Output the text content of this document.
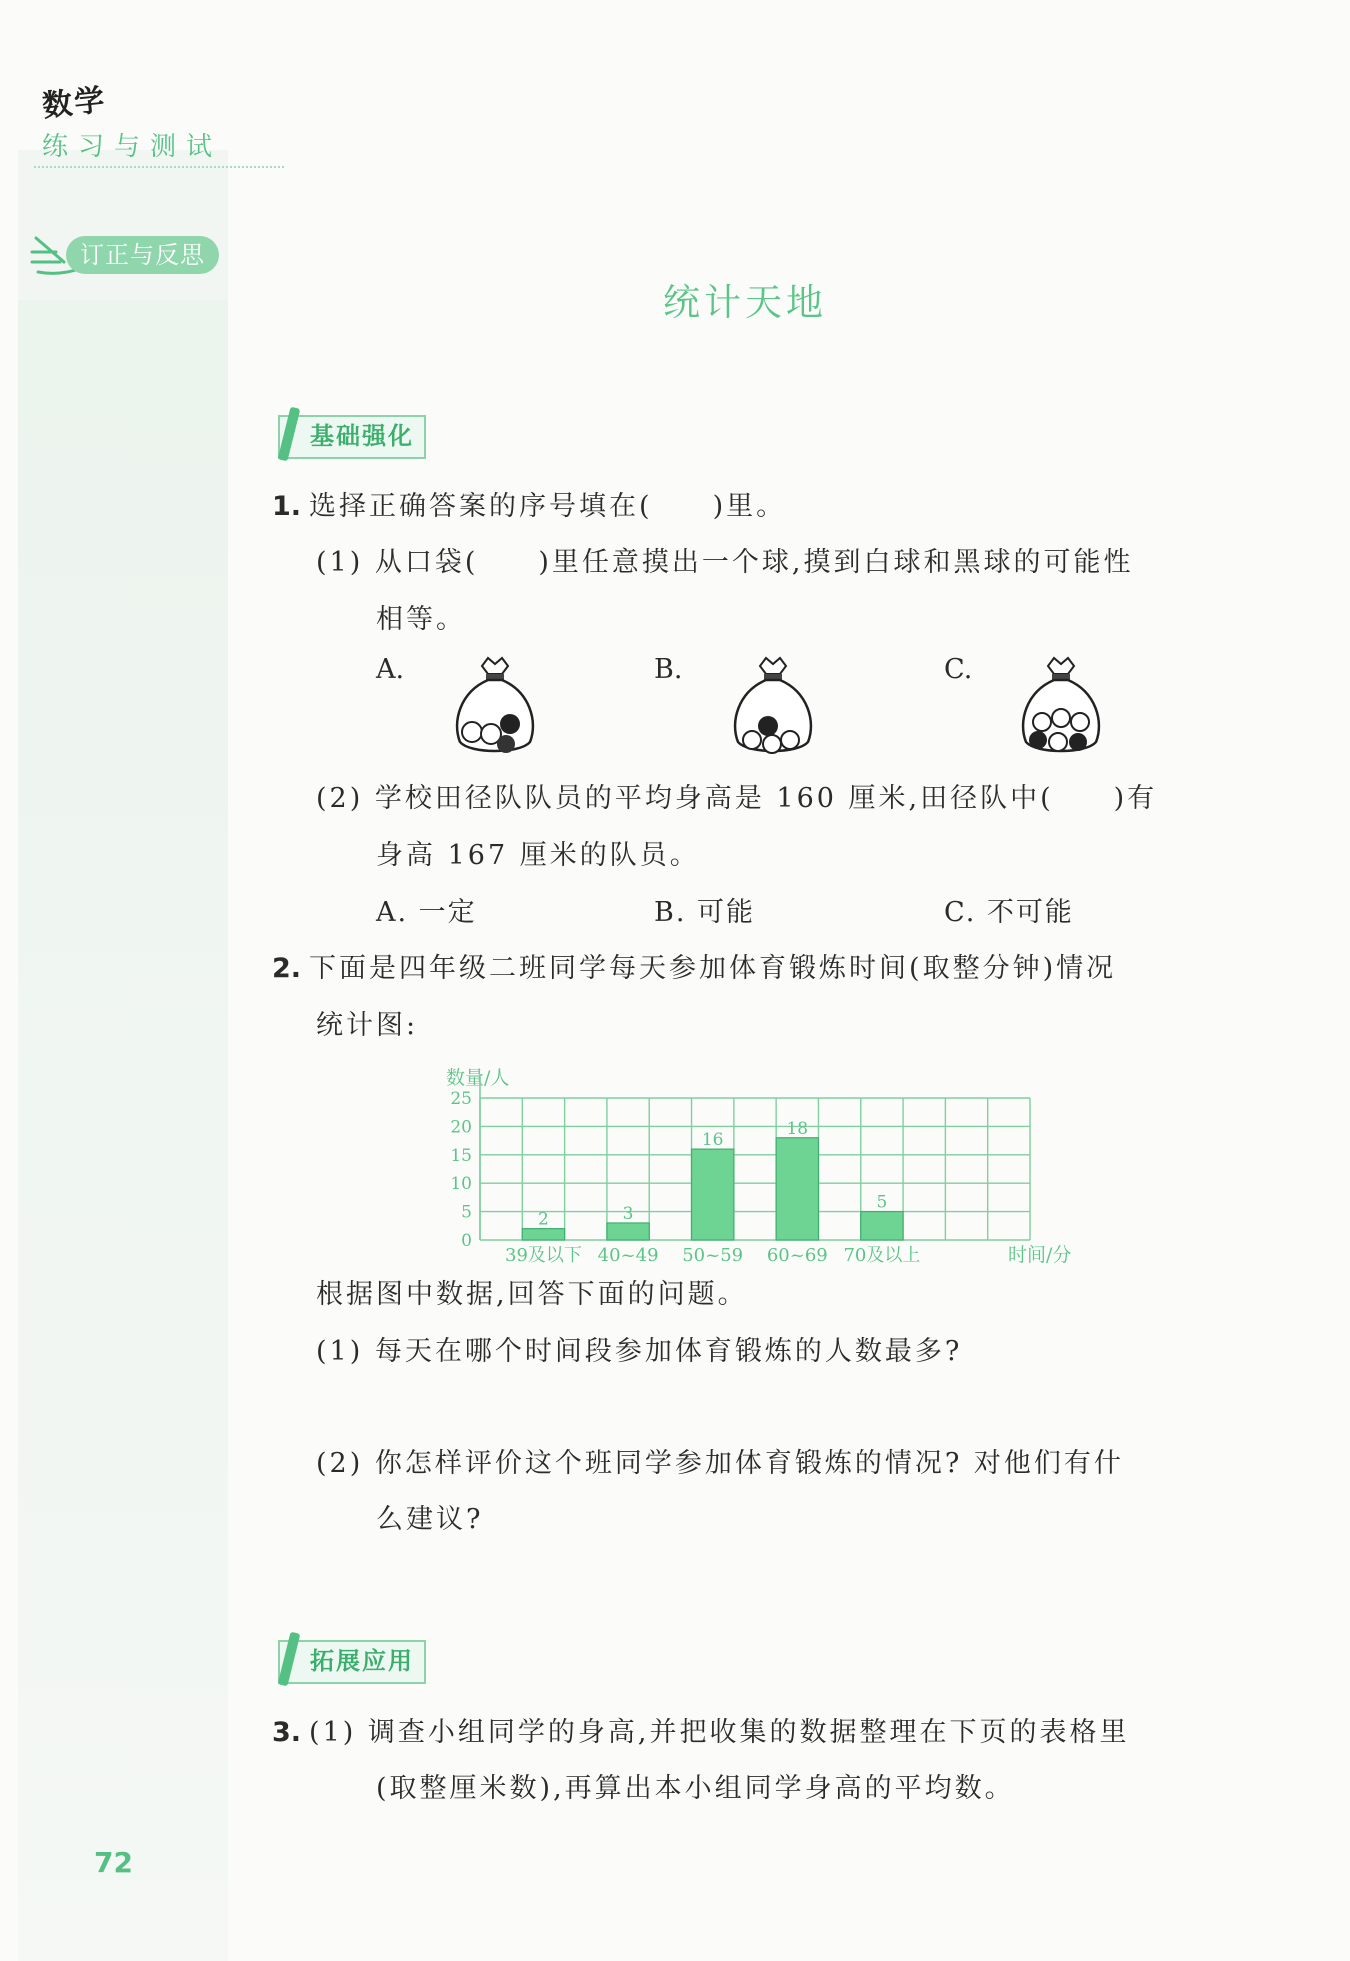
数学
练习与测试
订正与反思
统计天地
基础强化
1. 选择正确答案的序号填在(　　)里。
(1) 从口袋(　　)里任意摸出一个球,摸到白球和黑球的可能性
相等。
A.	B.	C.
(2) 学校田径队队员的平均身高是 160 厘米,田径队中(　　)有
身高 167 厘米的队员。
A. 一定	B. 可能	C. 不可能
2. 下面是四年级二班同学每天参加体育锻炼时间(取整分钟)情况
统计图:
数量/人
0
5
10
15
20
25
2	3
16
18
5
39及以下 40~49 50~59 60~69 70及以上	时间/分
根据图中数据,回答下面的问题。
(1) 每天在哪个时间段参加体育锻炼的人数最多?
(2) 你怎样评价这个班同学参加体育锻炼的情况? 对他们有什
么建议?
拓展应用
3. (1) 调查小组同学的身高,并把收集的数据整理在下页的表格里
(取整厘米数),再算出本小组同学身高的平均数。
72
